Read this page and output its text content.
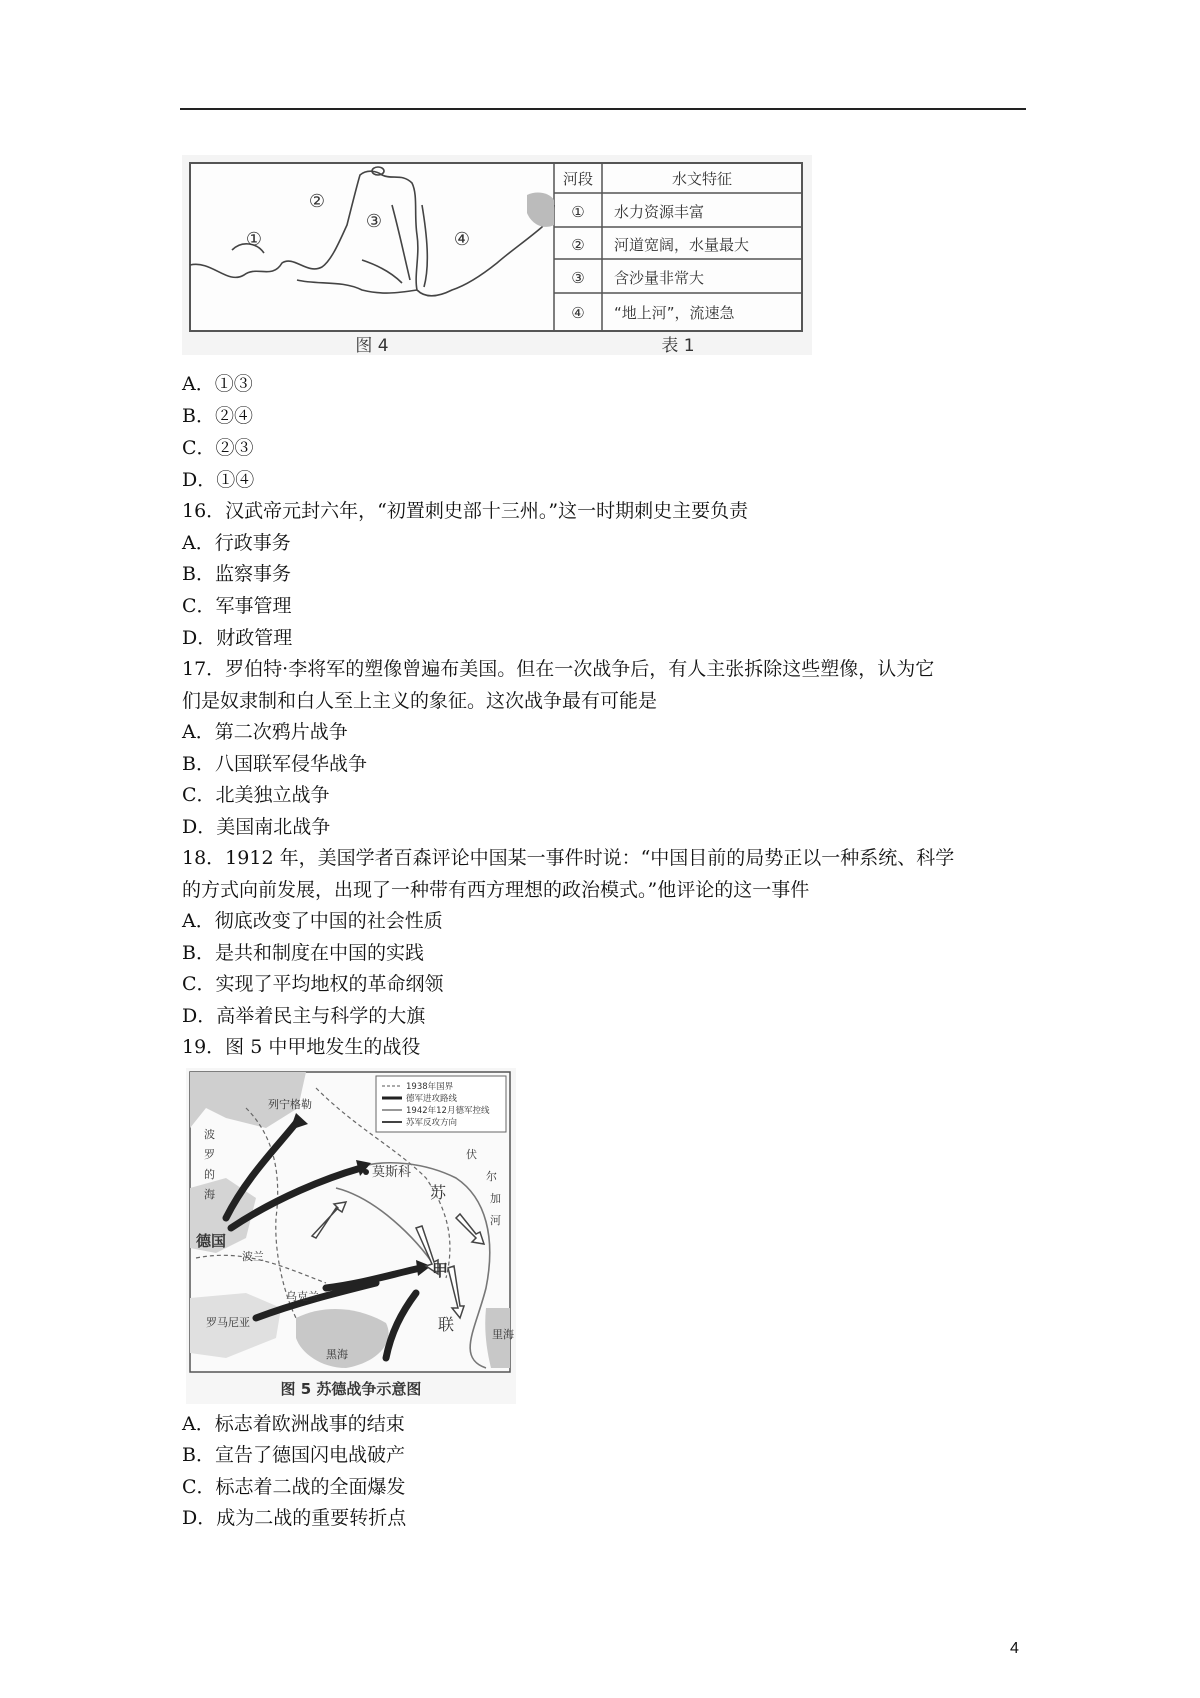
①
②
③
④
河段	水文特征
① 水力资源丰富
② 河道宽阔，水量最大
③ 含沙量非常大
④ “地上河”，流速急
图 4	表 1
A．①③
B．②④
C．②③
D．①④
16．汉武帝元封六年，“初置刺史部十三州。”这一时期刺史主要负责
A．行政事务
B．监察事务
C．军事管理
D．财政管理
17．罗伯特·李将军的塑像曾遍布美国。但在一次战争后，有人主张拆除这些塑像，认为它
们是奴隶制和白人至上主义的象征。这次战争最有可能是
A．第二次鸦片战争
B．八国联军侵华战争
C．北美独立战争
D．美国南北战争
18．1912 年，美国学者百森评论中国某一事件时说：“中国目前的局势正以一种系统、科学
的方式向前发展，出现了一种带有西方理想的政治模式。”他评论的这一事件
A．彻底改变了中国的社会性质
B．是共和制度在中国的实践
C．实现了平均地权的革命纲领
D．高举着民主与科学的大旗
19．图 5 中甲地发生的战役
1938年国界
德军进攻路线
1942年12月德军控线
苏军反攻方向
列宁格勒
莫斯科
德国
波兰
乌克兰
罗马尼亚
黑海
甲
苏
联
波
罗
的
海
伏
尔
加
河
里海
图 5 苏德战争示意图
A．标志着欧洲战事的结束
B．宣告了德国闪电战破产
C．标志着二战的全面爆发
D．成为二战的重要转折点
4
